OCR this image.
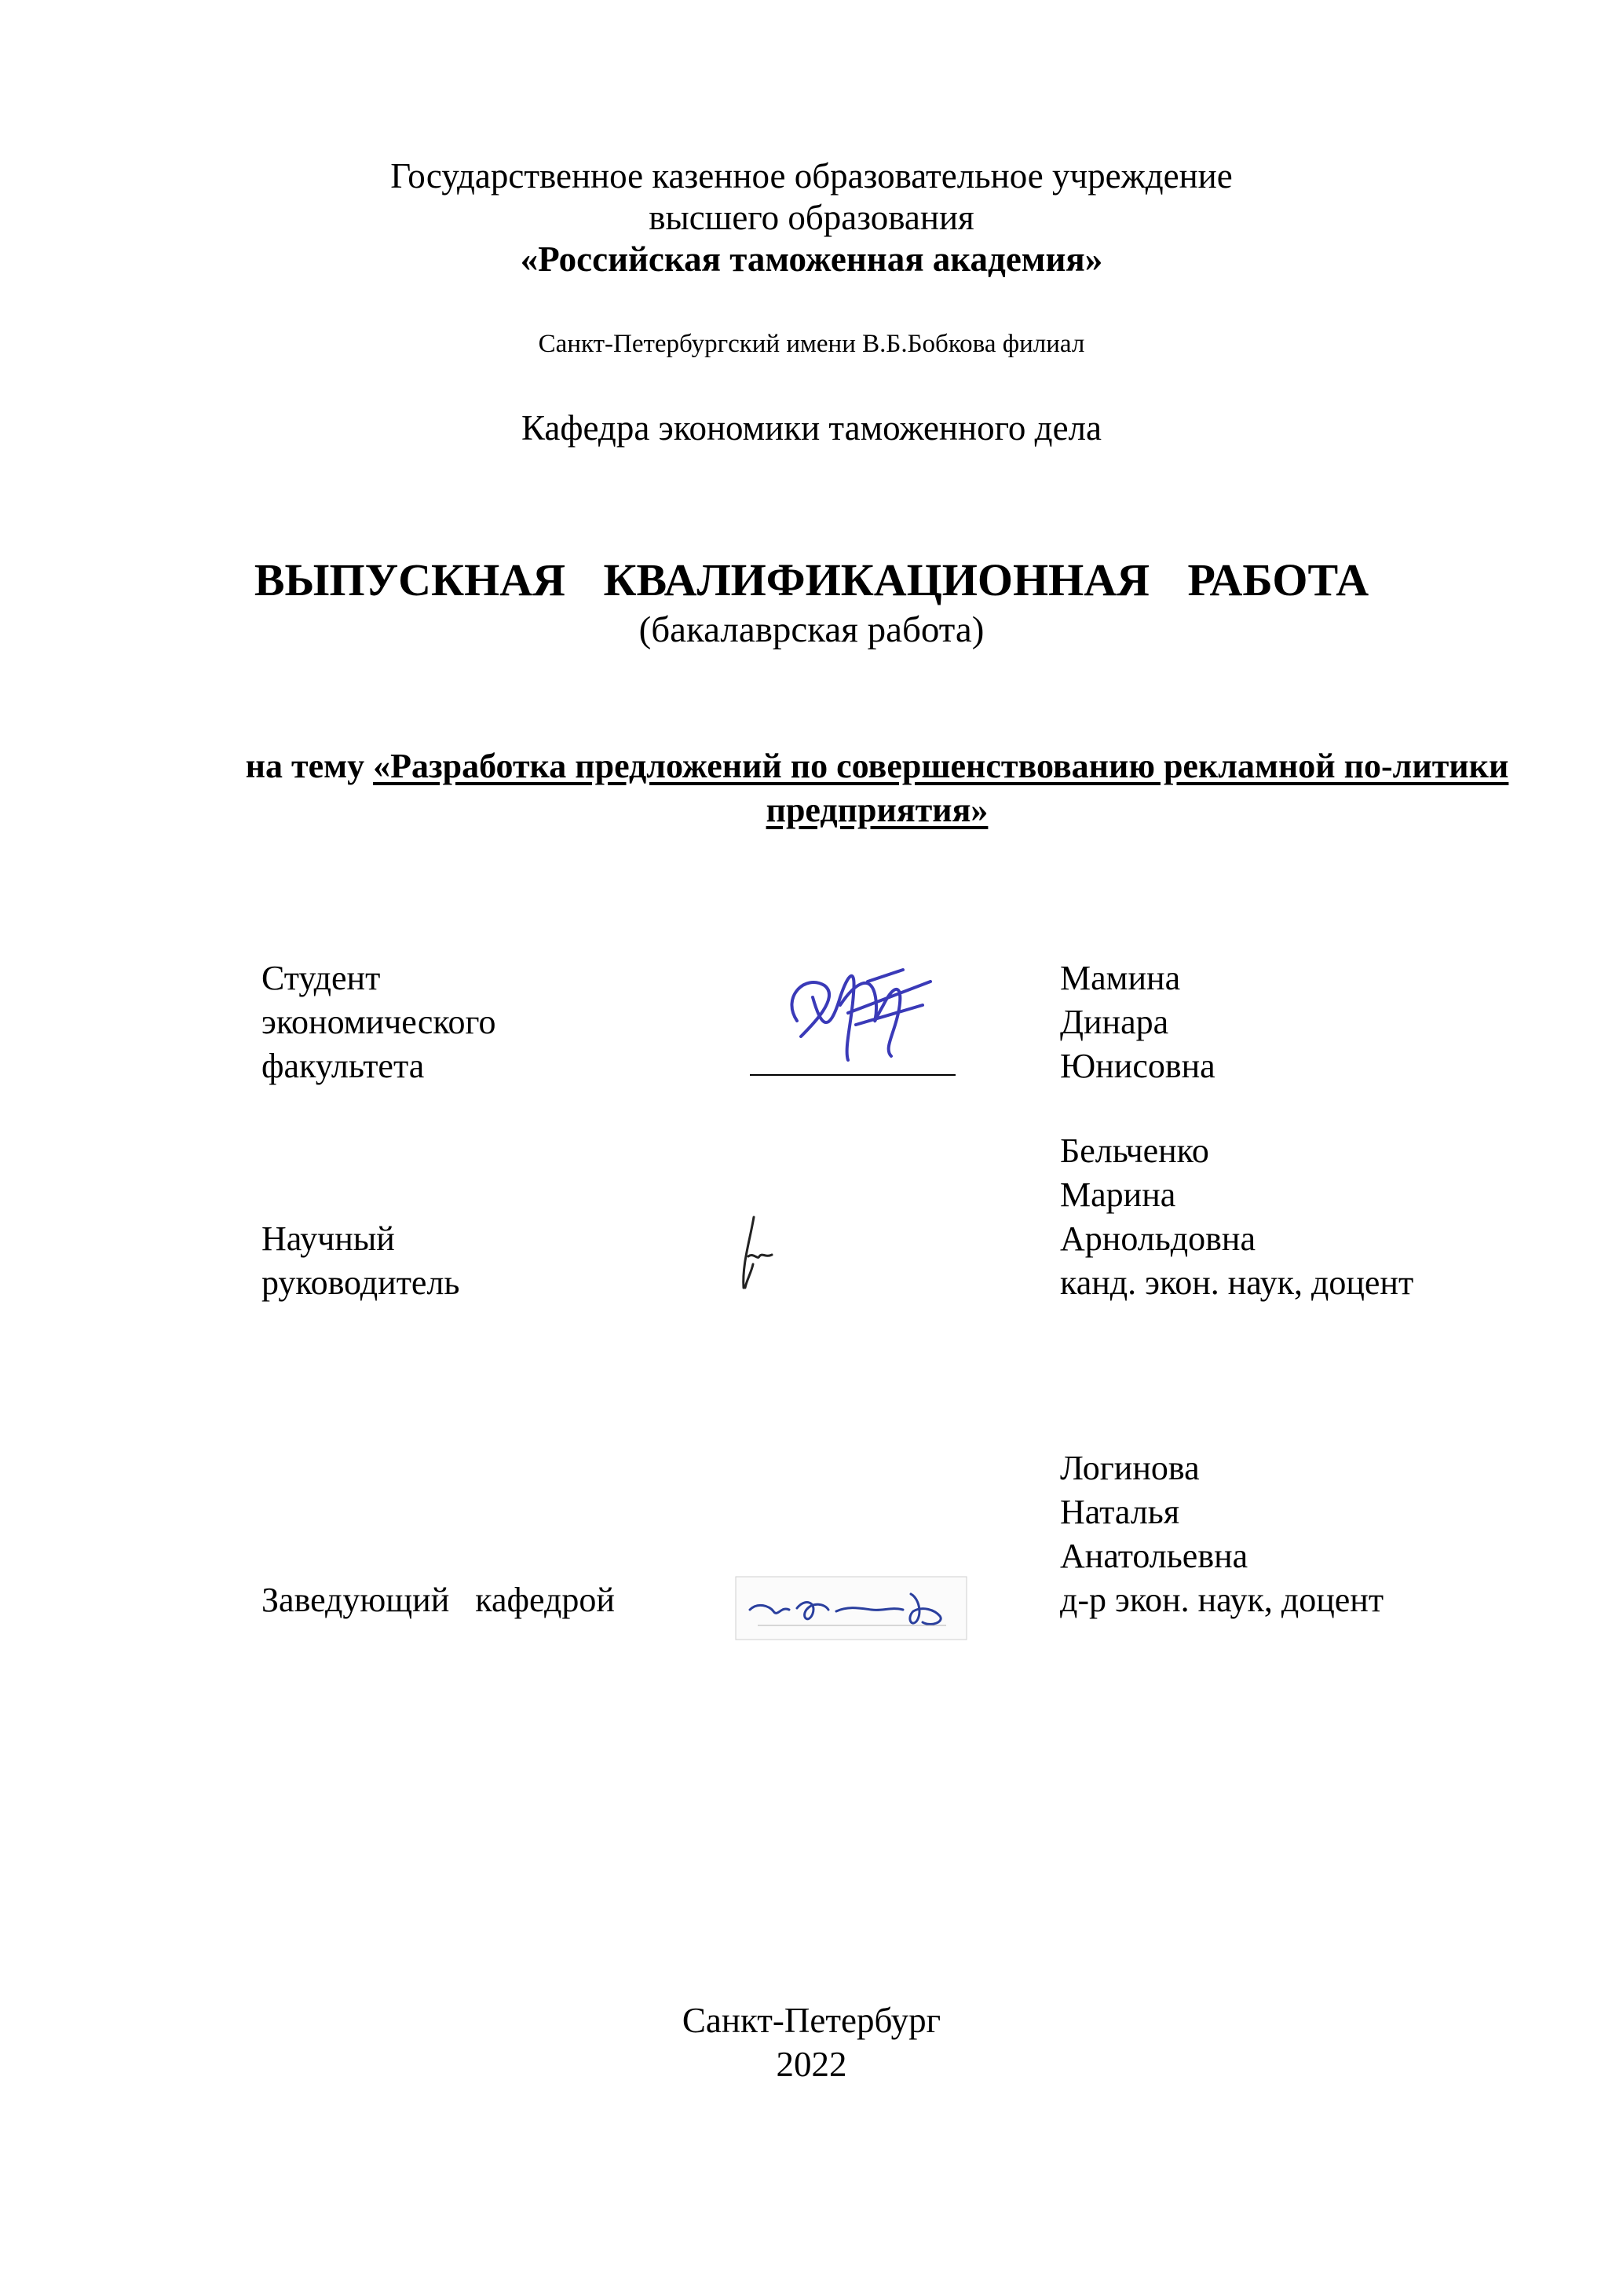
Государственное казенное образовательное учреждение
высшего образования
«Российская таможенная академия»
Санкт-Петербургский имени В.Б.Бобкова филиал
Кафедра экономики таможенного дела
ВЫПУСКНАЯ КВАЛИФИКАЦИОННАЯ РАБОТА
(бакалаврская работа)
на тему «Разработка предложений по совершенствованию рекламной по-литики предприятия»
Студент
экономического
факультета
Мамина
Динара
Юнисовна
Научный
руководитель
Бельченко
Марина
Арнольдовна
канд. экон. наук, доцент
Заведующий   кафедрой
Логинова
Наталья
Анатольевна
д-р экон. наук, доцент
Санкт-Петербург
2022
